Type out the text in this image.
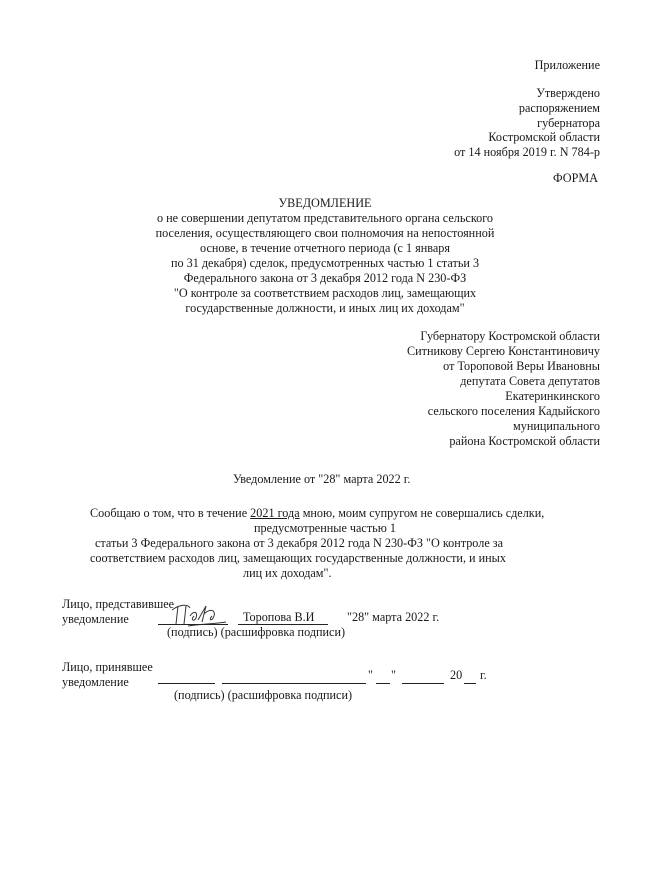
Приложение
Утверждено
распоряжением
губернатора
Костромской области
от 14 ноября 2019 г. N 784-р
ФОРМА
УВЕДОМЛЕНИЕ
о не совершении депутатом представительного органа сельского
поселения, осуществляющего свои полномочия на непостоянной
основе, в течение отчетного периода (с 1 января
по 31 декабря) сделок, предусмотренных частью 1 статьи 3
Федерального закона от 3 декабря 2012 года N 230-ФЗ
"О контроле за соответствием расходов лиц, замещающих
государственные должности, и иных лиц их доходам"
Губернатору Костромской области
Ситникову Сергею Константиновичу
от Тороповой Веры Ивановны
депутата Совета депутатов
Екатеринкинского
сельского поселения Кадыйского
муниципального
района Костромской области
Уведомление от "28" марта 2022 г.
Сообщаю о том, что в течение 2021 года мною, моим супругом не совершались сделки,
предусмотренные частью 1
статьи 3 Федерального закона от 3 декабря 2012 года N 230-ФЗ "О контроле за
соответствием расходов лиц, замещающих государственные должности, и иных
лиц их доходам".
Лицо, представившее
уведомление	Торопова В.И	"28" марта 2022 г.
(подпись) (расшифровка подписи)
Лицо, принявшее
уведомление	" "	20 г.
(подпись) (расшифровка подписи)
